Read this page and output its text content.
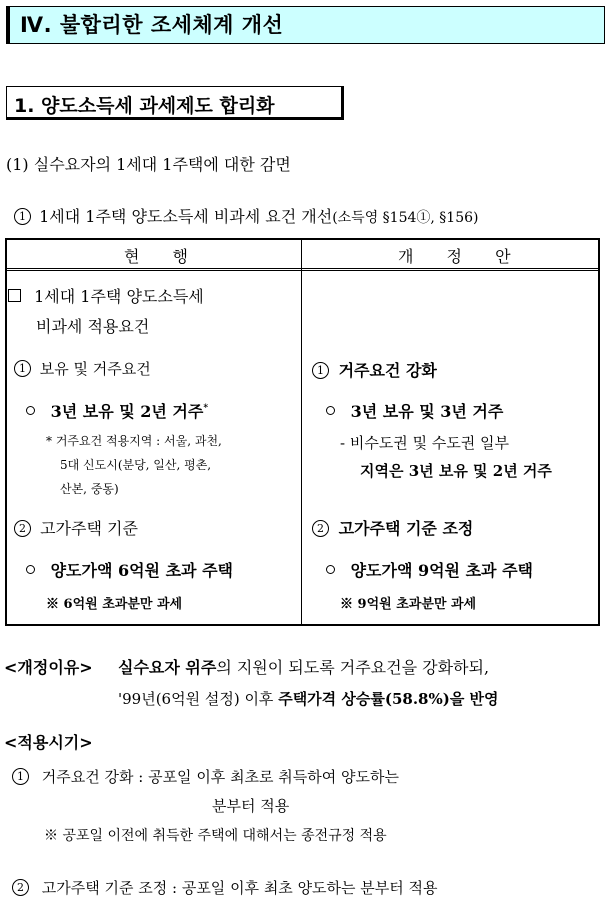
Ⅳ. 불합리한 조세체계 개선
1. 양도소득세 과세제도 합리화
(1) 실수요자의 1세대 1주택에 대한 감면
1 1세대 1주택 양도소득세 비과세 요건 개선(소득영 §154①, §156)
현 행	개 정 안
1세대 1주택 양도소득세
비과세 적용요건
1 보유 및 거주요건
3년 보유 및 2년 거주*
* 거주요건 적용지역 : 서울, 과천,
5대 신도시(분당, 일산, 평촌,
산본, 중동)
2 고가주택 기준
양도가액 6억원 초과 주택
※ 6억원 초과분만 과세
1 거주요건 강화
3년 보유 및 3년 거주
- 비수도권 및 수도권 일부
지역은 3년 보유 및 2년 거주
2 고가주택 기준 조정
양도가액 9억원 초과 주택
※ 9억원 초과분만 과세
<개정이유> 실수요자 위주의 지원이 되도록 거주요건을 강화하되,
'99년(6억원 설정) 이후 주택가격 상승률(58.8%)을 반영
<적용시기>
1 거주요건 강화 : 공포일 이후 최초로 취득하여 양도하는
분부터 적용
※ 공포일 이전에 취득한 주택에 대해서는 종전규정 적용
2 고가주택 기준 조정 : 공포일 이후 최초 양도하는 분부터 적용
